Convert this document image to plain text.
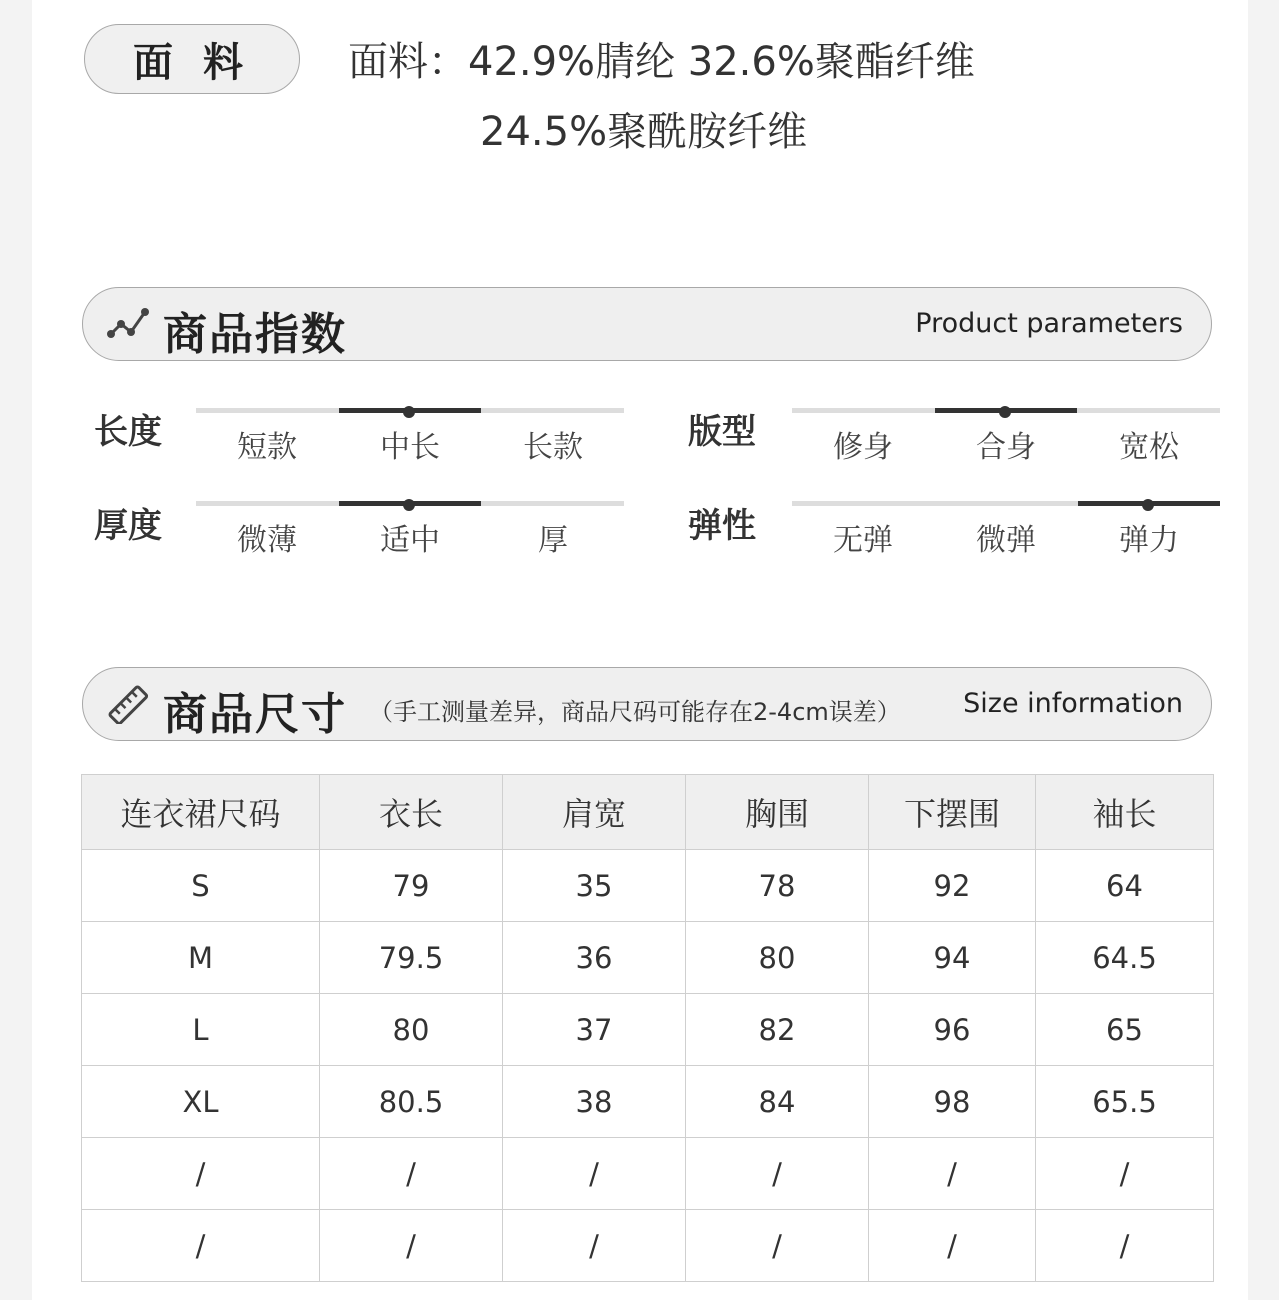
面 料 面料：42.9%腈纶 32.6%聚酯纤维
24.5%聚酰胺纤维
商品指数	Product parameters
长度	短款	中长	长款	版型	修身	合身	宽松
厚度	微薄	适中	厚	弹性	无弹	微弹	弹力
商品尺寸 （手工测量差异，商品尺码可能存在2-4cm误差） Size information
连衣裙尺码	衣长	肩宽	胸围	下摆围	袖长
S	79	35	78	92	64
M	79.5	36	80	94	64.5
L	80	37	82	96	65
XL	80.5	38	84	98	65.5
/	/	/	/	/	/
/	/	/	/	/	/
